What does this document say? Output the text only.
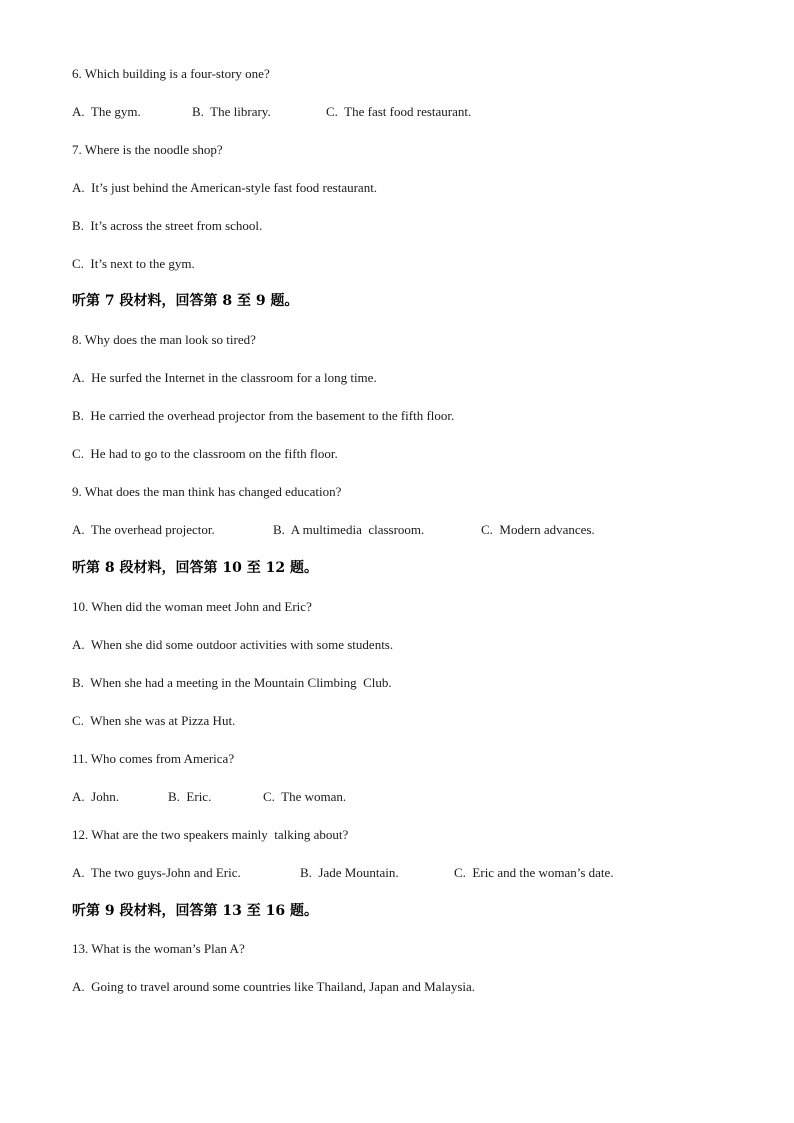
6. Which building is a four-story one?

A.  The gym.

	B.  The library.

	C.  The fast food restaurant.

7. Where is the noodle shop?
A.  It’s just behind the American-style fast food restaurant.
B.  It’s across the street from school.
C.  It’s next to the gym.
听第 7 段材料，回答第 8 至 9 题。
8. Why does the man look so tired?
A.  He surfed the Internet in the classroom for a long time.
B.  He carried the overhead projector from the basement to the fifth floor.
C.  He had to go to the classroom on the fifth floor.
9. What does the man think has changed education?

A.  The overhead projector.

	B.  A multimedia  classroom.

	C.  Modern advances.

听第 8 段材料，回答第 10 至 12 题。
10. When did the woman meet John and Eric?
A.  When she did some outdoor activities with some students.
B.  When she had a meeting in the Mountain Climbing  Club.
C.  When she was at Pizza Hut.
11. Who comes from America?

A.  John.

	B.  Eric.

	C.  The woman.

12. What are the two speakers mainly  talking about?

A.  The two guys-John and Eric.

	B.  Jade Mountain.

	C.  Eric and the woman’s date.

听第 9 段材料，回答第 13 至 16 题。
13. What is the woman’s Plan A?
A.  Going to travel around some countries like Thailand, Japan and Malaysia.
